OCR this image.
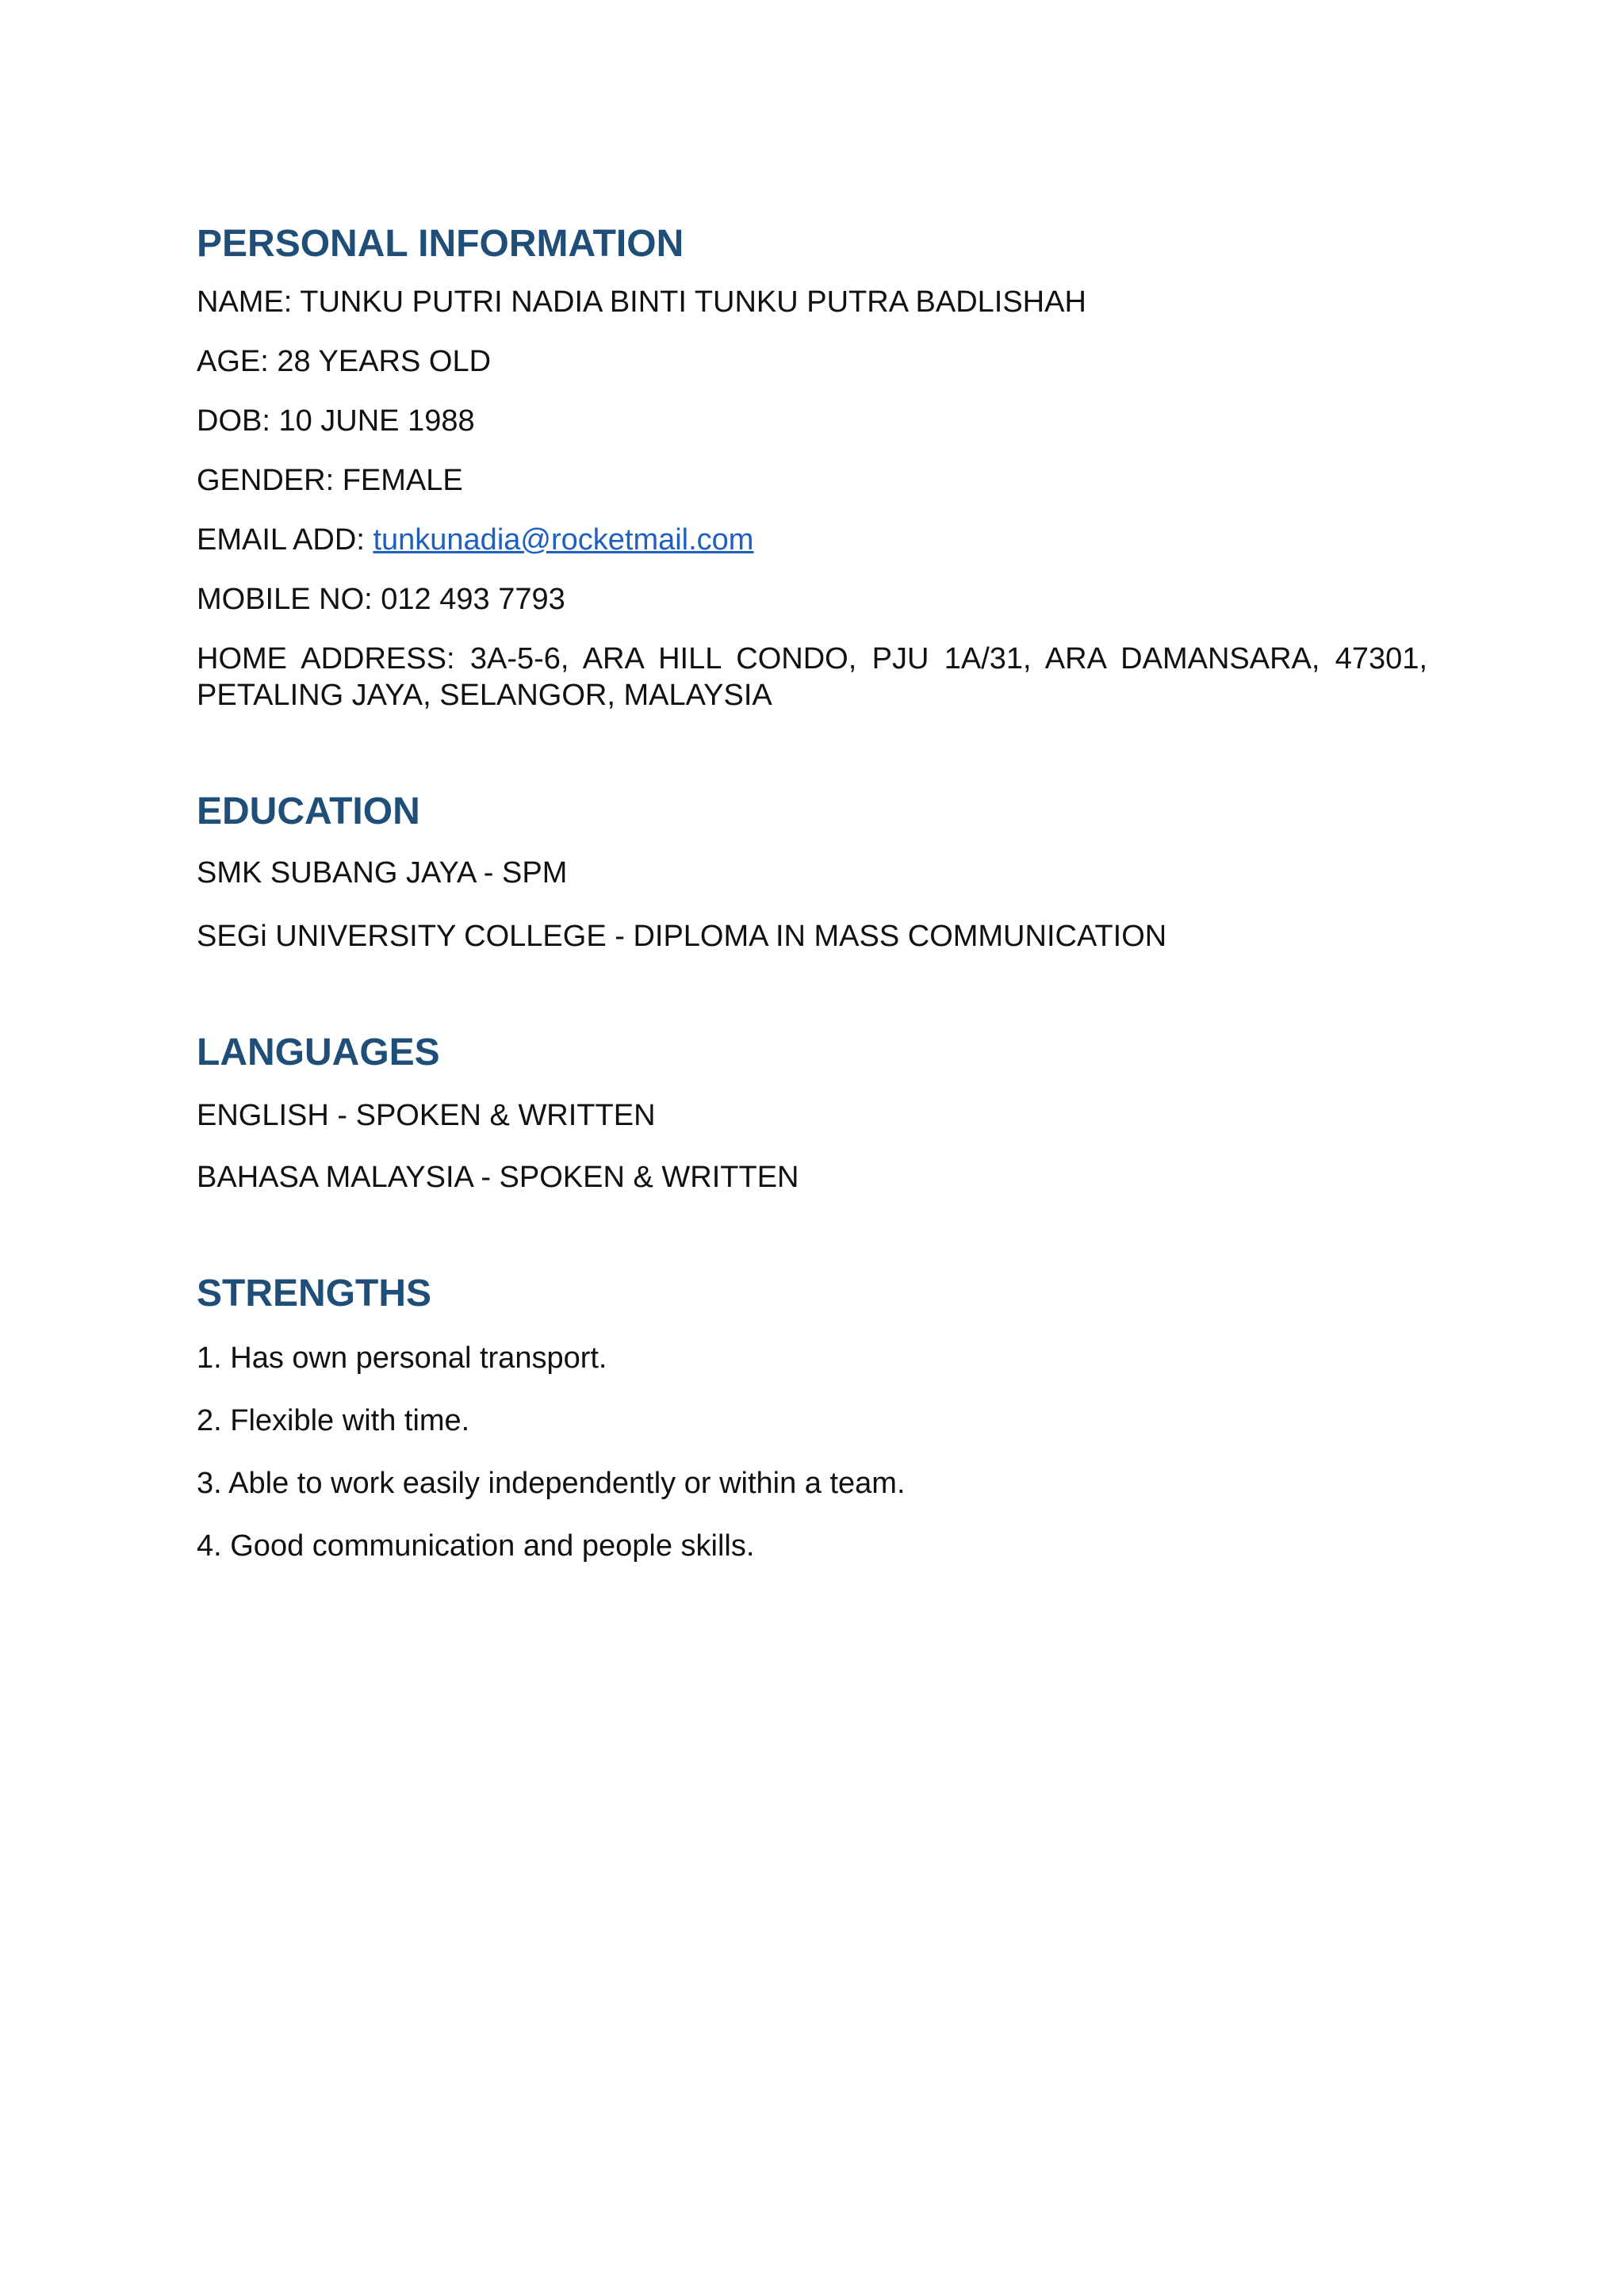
PERSONAL INFORMATION

NAME: TUNKU PUTRI NADIA BINTI TUNKU PUTRA BADLISHAH

AGE: 28 YEARS OLD

DOB: 10 JUNE 1988

GENDER: FEMALE

EMAIL ADD: tunkunadia@rocketmail.com

MOBILE NO: 012 493 7793

HOME ADDRESS: 3A-5-6, ARA HILL CONDO, PJU 1A/31, ARA DAMANSARA, 47301, PETALING JAYA, SELANGOR, MALAYSIA

EDUCATION

SMK SUBANG JAYA - SPM

SEGi UNIVERSITY COLLEGE - DIPLOMA IN MASS COMMUNICATION

LANGUAGES

ENGLISH - SPOKEN & WRITTEN

BAHASA MALAYSIA - SPOKEN & WRITTEN

STRENGTHS

1. Has own personal transport.

2. Flexible with time.

3. Able to work easily independently or within a team.

4. Good communication and people skills.
